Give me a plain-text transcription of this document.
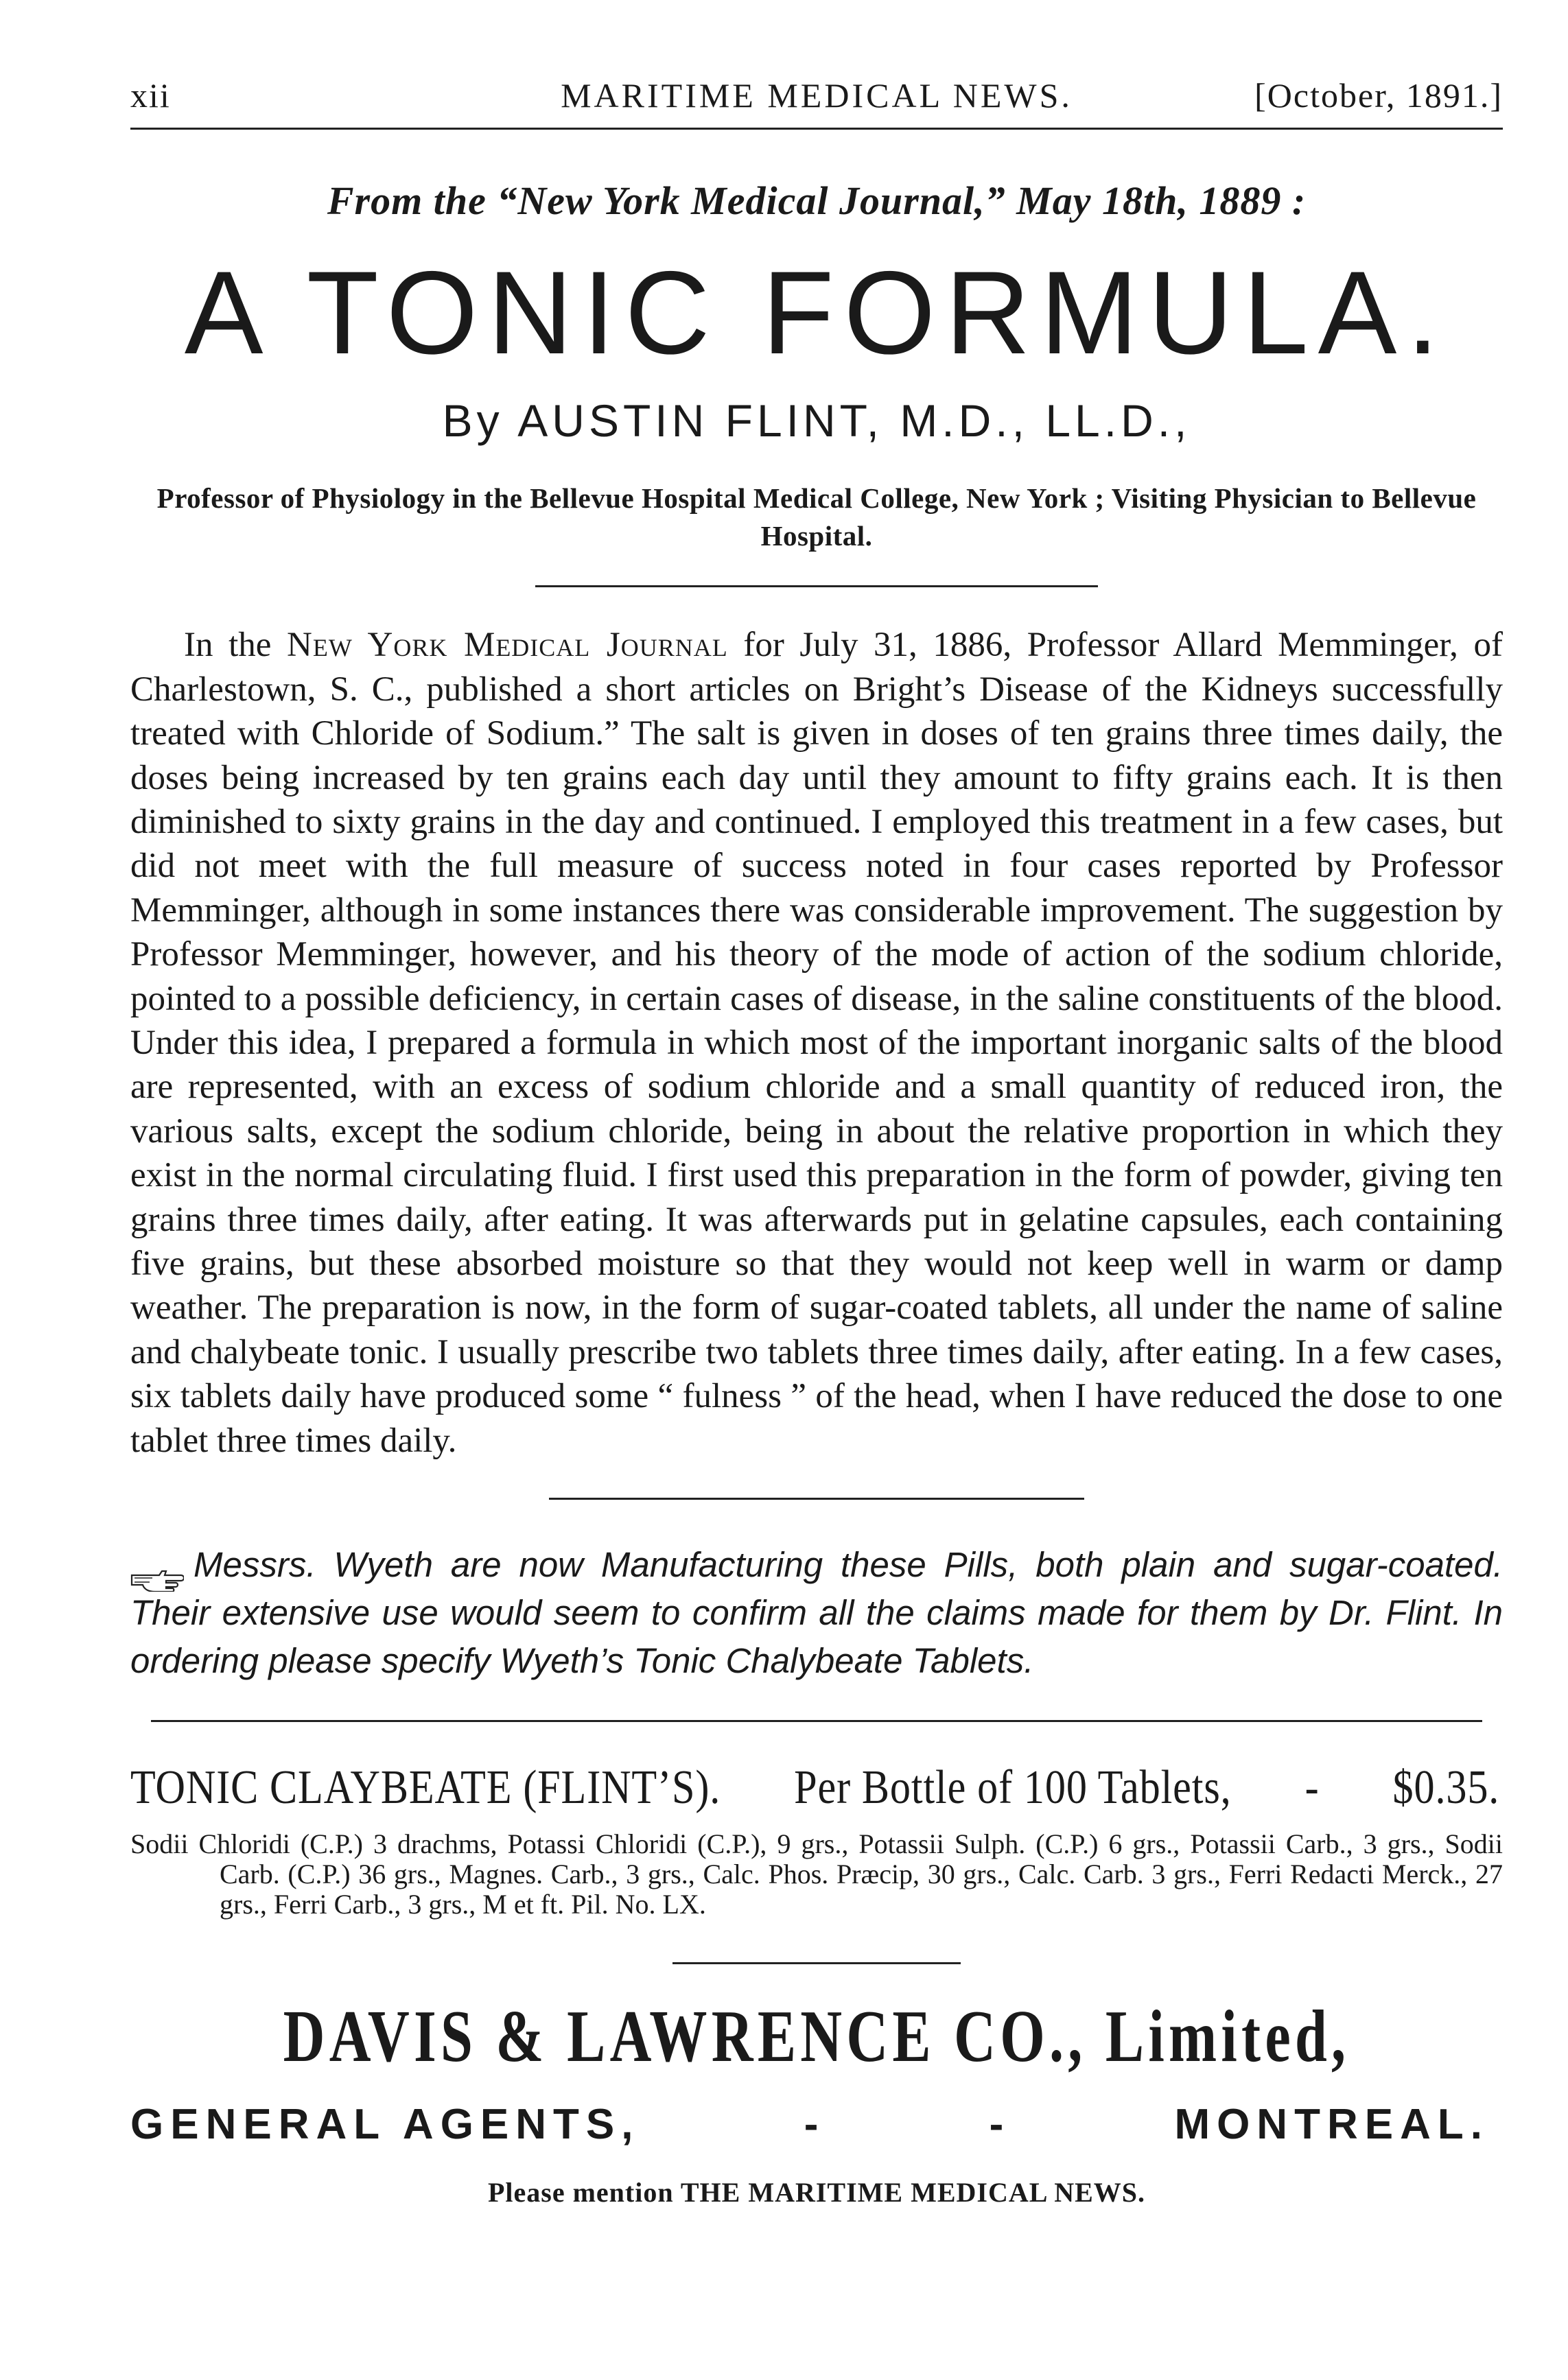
xii	MARITIME MEDICAL NEWS.	[October, 1891.]
From the “New York Medical Journal,” May 18th, 1889 :
A TONIC FORMULA.
By AUSTIN FLINT, M.D., LL.D.,
Professor of Physiology in the Bellevue Hospital Medical College, New York ; Visiting Physician to Bellevue Hospital.

In the New York Medical Journal for July 31, 1886, Professor Allard Memminger, of Charlestown, S. C., published a short articles on Bright’s Disease of the Kidneys successfully treated with Chloride of Sodium.” The salt is given in doses of ten grains three times daily, the doses being increased by ten grains each day until they amount to fifty grains each. It is then diminished to sixty grains in the day and continued. I employed this treatment in a few cases, but did not meet with the full measure of success noted in four cases reported by Professor Memminger, although in some instances there was considerable improvement. The suggestion by Professor Memminger, however, and his theory of the mode of action of the sodium chloride, pointed to a possible deficiency, in certain cases of disease, in the saline constituents of the blood. Under this idea, I prepared a formula in which most of the important inorganic salts of the blood are represented, with an excess of sodium chloride and a small quantity of reduced iron, the various salts, except the sodium chloride, being in about the relative proportion in which they exist in the normal circulating fluid. I first used this preparation in the form of powder, giving ten grains three times daily, after eating. It was afterwards put in gelatine capsules, each containing five grains, but these absorbed moisture so that they would not keep well in warm or damp weather. The preparation is now, in the form of sugar-coated tablets, all under the name of saline and chalybeate tonic. I usually prescribe two tablets three times daily, after eating. In a few cases, six tablets daily have produced some “ fulness ” of the head, when I have reduced the dose to one tablet three times daily.

Messrs. Wyeth are now Manufacturing these Pills, both plain and sugar-coated. Their extensive use would seem to confirm all the claims made for them by Dr. Flint. In ordering please specify Wyeth’s Tonic Chalybeate Tablets.

TONIC CLAYBEATE (FLINT’S). Per Bottle of 100 Tablets, - $0.35.

Sodii Chloridi (C.P.) 3 drachms, Potassi Chloridi (C.P.), 9 grs., Potassii Sulph. (C.P.) 6 grs., Potassii Carb., 3 grs., Sodii Carb. (C.P.) 36 grs., Magnes. Carb., 3 grs., Calc. Phos. Præcip, 30 grs., Calc. Carb. 3 grs., Ferri Redacti Merck., 27 grs., Ferri Carb., 3 grs., M et ft. Pil. No. LX.

DAVIS & LAWRENCE CO., Limited,
GENERAL AGENTS,	-	-	MONTREAL.
Please mention THE MARITIME MEDICAL NEWS.
